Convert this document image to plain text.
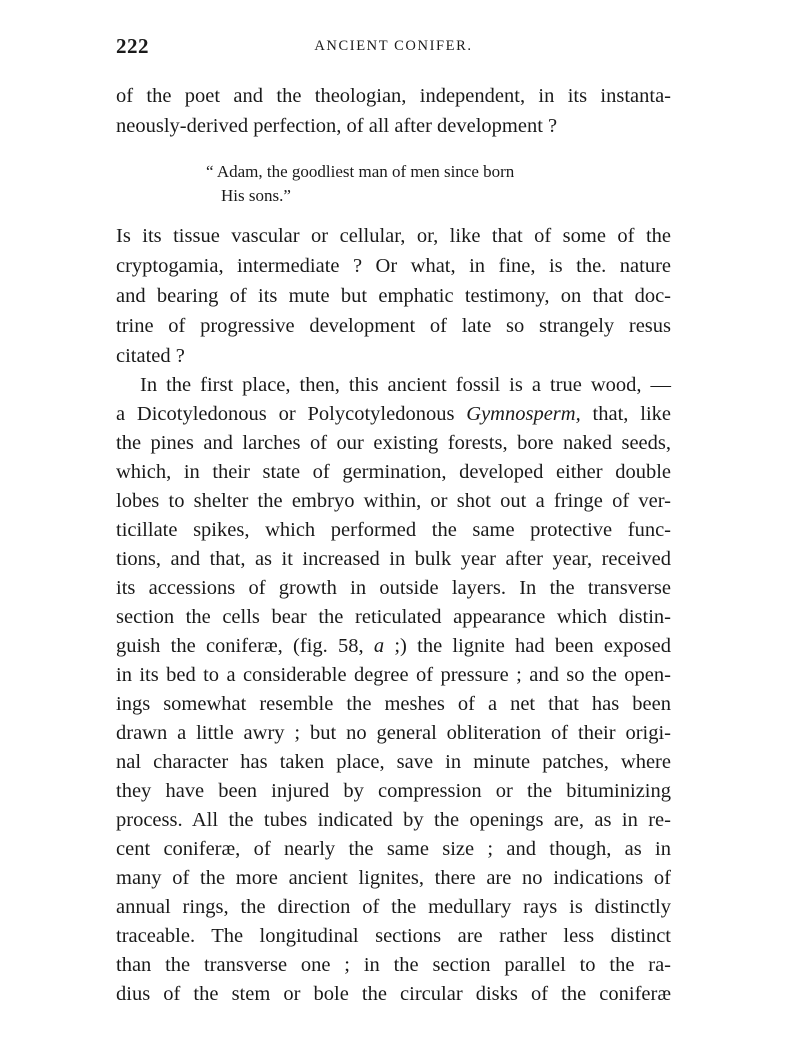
222	ANCIENT CONIFER.
of the poet and the theologian, independent, in its instanta-
neously-derived perfection, of all after development ?
“ Adam, the goodliest man of men since born
His sons.”
Is its tissue vascular or cellular, or, like that of some of the
cryptogamia, intermediate ? Or what, in fine, is the. nature
and bearing of its mute but emphatic testimony, on that doc-
trine of progressive development of late so strangely resus
citated ?
In the first place, then, this ancient fossil is a true wood, —
a Dicotyledonous or Polycotyledonous Gymnosperm, that, like
the pines and larches of our existing forests, bore naked seeds,
which, in their state of germination, developed either double
lobes to shelter the embryo within, or shot out a fringe of ver-
ticillate spikes, which performed the same protective func-
tions, and that, as it increased in bulk year after year, received
its accessions of growth in outside layers. In the transverse
section the cells bear the reticulated appearance which distin-
guish the coniferæ, (fig. 58, a ;) the lignite had been exposed
in its bed to a considerable degree of pressure ; and so the open-
ings somewhat resemble the meshes of a net that has been
drawn a little awry ; but no general obliteration of their origi-
nal character has taken place, save in minute patches, where
they have been injured by compression or the bituminizing
process. All the tubes indicated by the openings are, as in re-
cent coniferæ, of nearly the same size ; and though, as in
many of the more ancient lignites, there are no indications of
annual rings, the direction of the medullary rays is distinctly
traceable. The longitudinal sections are rather less distinct
than the transverse one ; in the section parallel to the ra-
dius of the stem or bole the circular disks of the coniferæ
